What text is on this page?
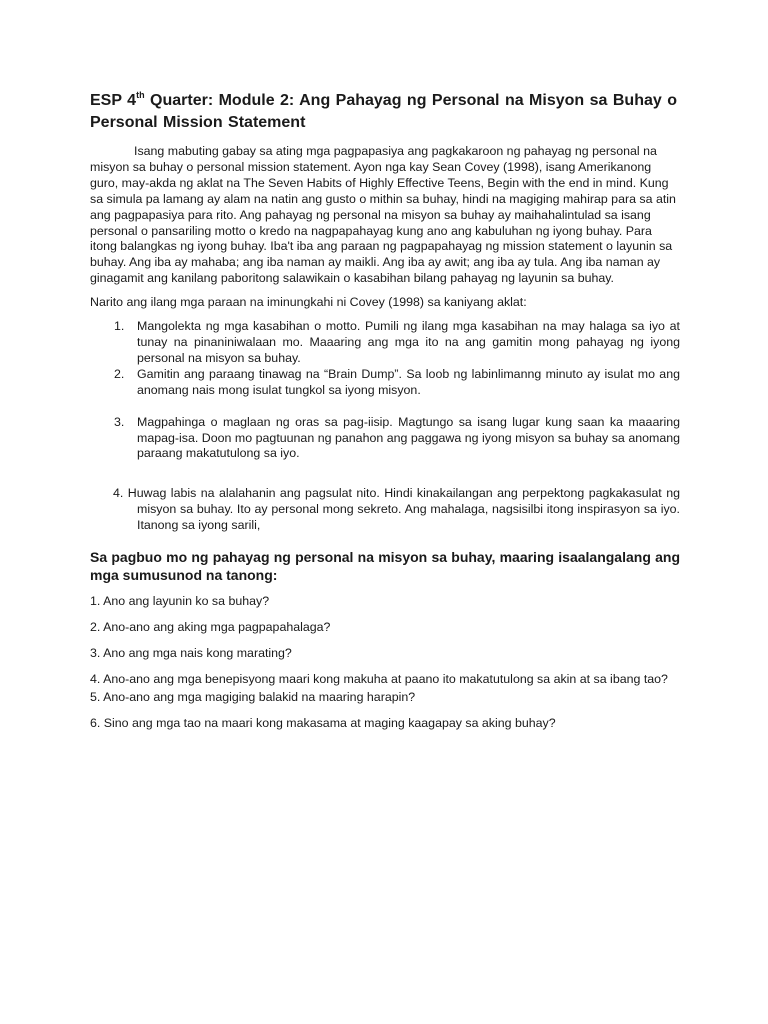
ESP 4th Quarter: Module 2: Ang Pahayag ng Personal na Misyon sa Buhay o Personal Mission Statement

Isang mabuting gabay sa ating mga pagpapasiya ang pagkakaroon ng pahayag ng personal na misyon sa buhay o personal mission statement. Ayon nga kay Sean Covey (1998), isang Amerikanong guro, may-akda ng aklat na The Seven Habits of Highly Effective Teens, Begin with the end in mind. Kung sa simula pa lamang ay alam na natin ang gusto o mithin sa buhay, hindi na magiging mahirap para sa atin ang pagpapasiya para rito. Ang pahayag ng personal na misyon sa buhay ay maihahalintulad sa isang personal o pansariling motto o kredo na nagpapahayag kung ano ang kabuluhan ng iyong buhay. Para itong balangkas ng iyong buhay. Iba't iba ang paraan ng pagpapahayag ng mission statement o layunin sa buhay. Ang iba ay mahaba; ang iba naman ay maikli. Ang iba ay awit; ang iba ay tula. Ang iba naman ay ginagamit ang kanilang paboritong salawikain o kasabihan bilang pahayag ng layunin sa buhay.

Narito ang ilang mga paraan na iminungkahi ni Covey (1998) sa kaniyang aklat:

1. Mangolekta ng mga kasabihan o motto. Pumili ng ilang mga kasabihan na may halaga sa iyo at tunay na pinaniniwalaan mo. Maaaring ang mga ito na ang gamitin mong pahayag ng iyong personal na misyon sa buhay.
2. Gamitin ang paraang tinawag na “Brain Dump”. Sa loob ng labinlimanng minuto ay isulat mo ang anomang nais mong isulat tungkol sa iyong misyon.
3. Magpahinga o maglaan ng oras sa pag-iisip. Magtungo sa isang lugar kung saan ka maaaring mapag-isa. Doon mo pagtuunan ng panahon ang paggawa ng iyong misyon sa buhay sa anomang paraang makatutulong sa iyo.

4. Huwag labis na alalahanin ang pagsulat nito. Hindi kinakailangan ang perpektong pagkakasulat ng misyon sa buhay. Ito ay personal mong sekreto. Ang mahalaga, nagsisilbi itong inspirasyon sa iyo. Itanong sa iyong sarili,

Sa pagbuo mo ng pahayag ng personal na misyon sa buhay, maaring isaalangalang ang mga sumusunod na tanong:

1. Ano ang layunin ko sa buhay?

2. Ano-ano ang aking mga pagpapahalaga?

3. Ano ang mga nais kong marating?

4. Ano-ano ang mga benepisyong maari kong makuha at paano ito makatutulong sa akin at sa ibang tao?

5. Ano-ano ang mga magiging balakid na maaring harapin?

6. Sino ang mga tao na maari kong makasama at maging kaagapay sa aking buhay?
